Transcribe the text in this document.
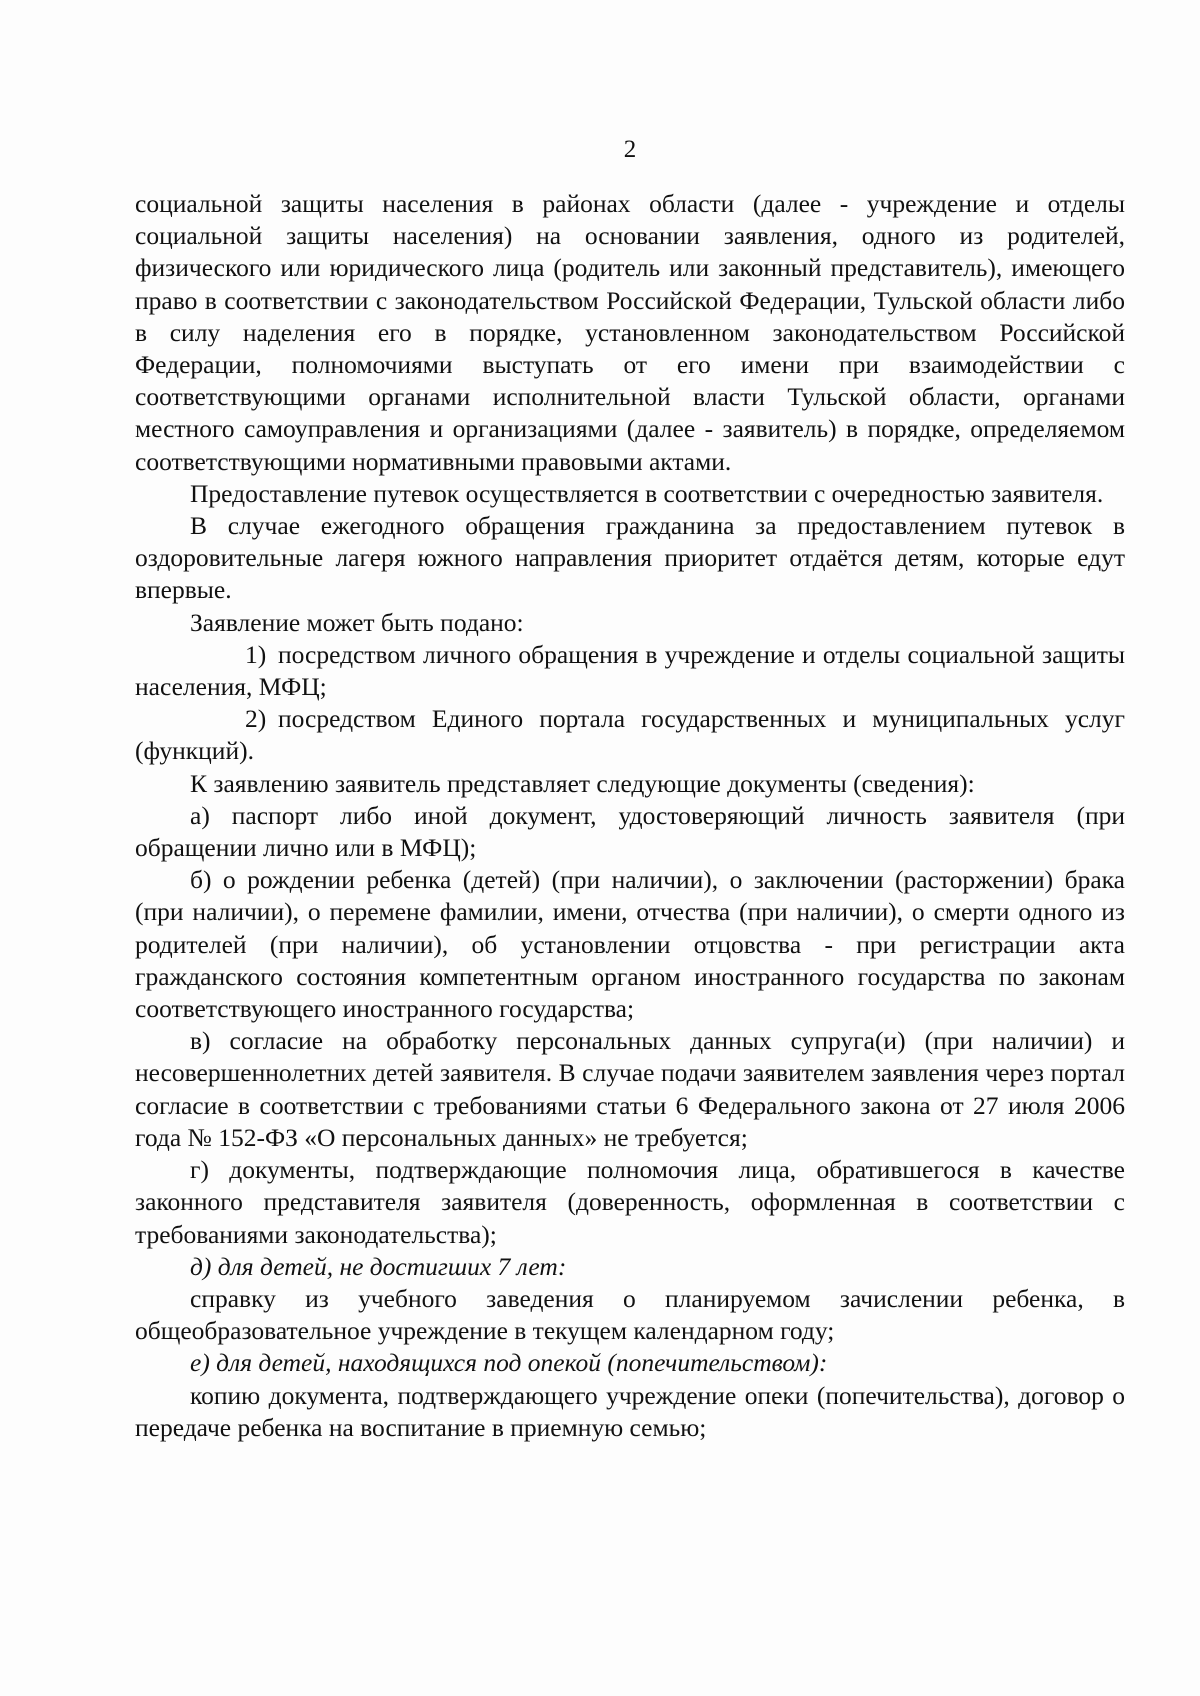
2

социальной защиты населения в районах области (далее - учреждение и отделы социальной защиты населения) на основании заявления, одного из родителей, физического или юридического лица (родитель или законный представитель), имеющего право в соответствии с законодательством Российской Федерации, Тульской области либо в силу наделения его в порядке, установленном законодательством Российской Федерации, полномочиями выступать от его имени при взаимодействии с соответствующими органами исполнительной власти Тульской области, органами местного самоуправления и организациями (далее - заявитель) в порядке, определяемом соответствующими нормативными правовыми актами.

Предоставление путевок осуществляется в соответствии с очередностью заявителя.

В случае ежегодного обращения гражданина за предоставлением путевок в оздоровительные лагеря южного направления приоритет отдаётся детям, которые едут впервые.

Заявление может быть подано:

1) посредством личного обращения в учреждение и отделы социальной защиты населения, МФЦ;

2) посредством Единого портала государственных и муниципальных услуг (функций).

К заявлению заявитель представляет следующие документы (сведения):

а) паспорт либо иной документ, удостоверяющий личность заявителя (при обращении лично или в МФЦ);

б) о рождении ребенка (детей) (при наличии), о заключении (расторжении) брака (при наличии), о перемене фамилии, имени, отчества (при наличии), о смерти одного из родителей (при наличии), об установлении отцовства - при регистрации акта гражданского состояния компетентным органом иностранного государства по законам соответствующего иностранного государства;

в) согласие на обработку персональных данных супруга(и) (при наличии) и несовершеннолетних детей заявителя. В случае подачи заявителем заявления через портал согласие в соответствии с требованиями статьи 6 Федерального закона от 27 июля 2006 года № 152-ФЗ «О персональных данных» не требуется;

г) документы, подтверждающие полномочия лица, обратившегося в качестве законного представителя заявителя (доверенность, оформленная в соответствии с требованиями законодательства);

д) для детей, не достигших 7 лет:

справку из учебного заведения о планируемом зачислении ребенка, в общеобразовательное учреждение в текущем календарном году;

е) для детей, находящихся под опекой (попечительством):

копию документа, подтверждающего учреждение опеки (попечительства), договор о передаче ребенка на воспитание в приемную семью;
